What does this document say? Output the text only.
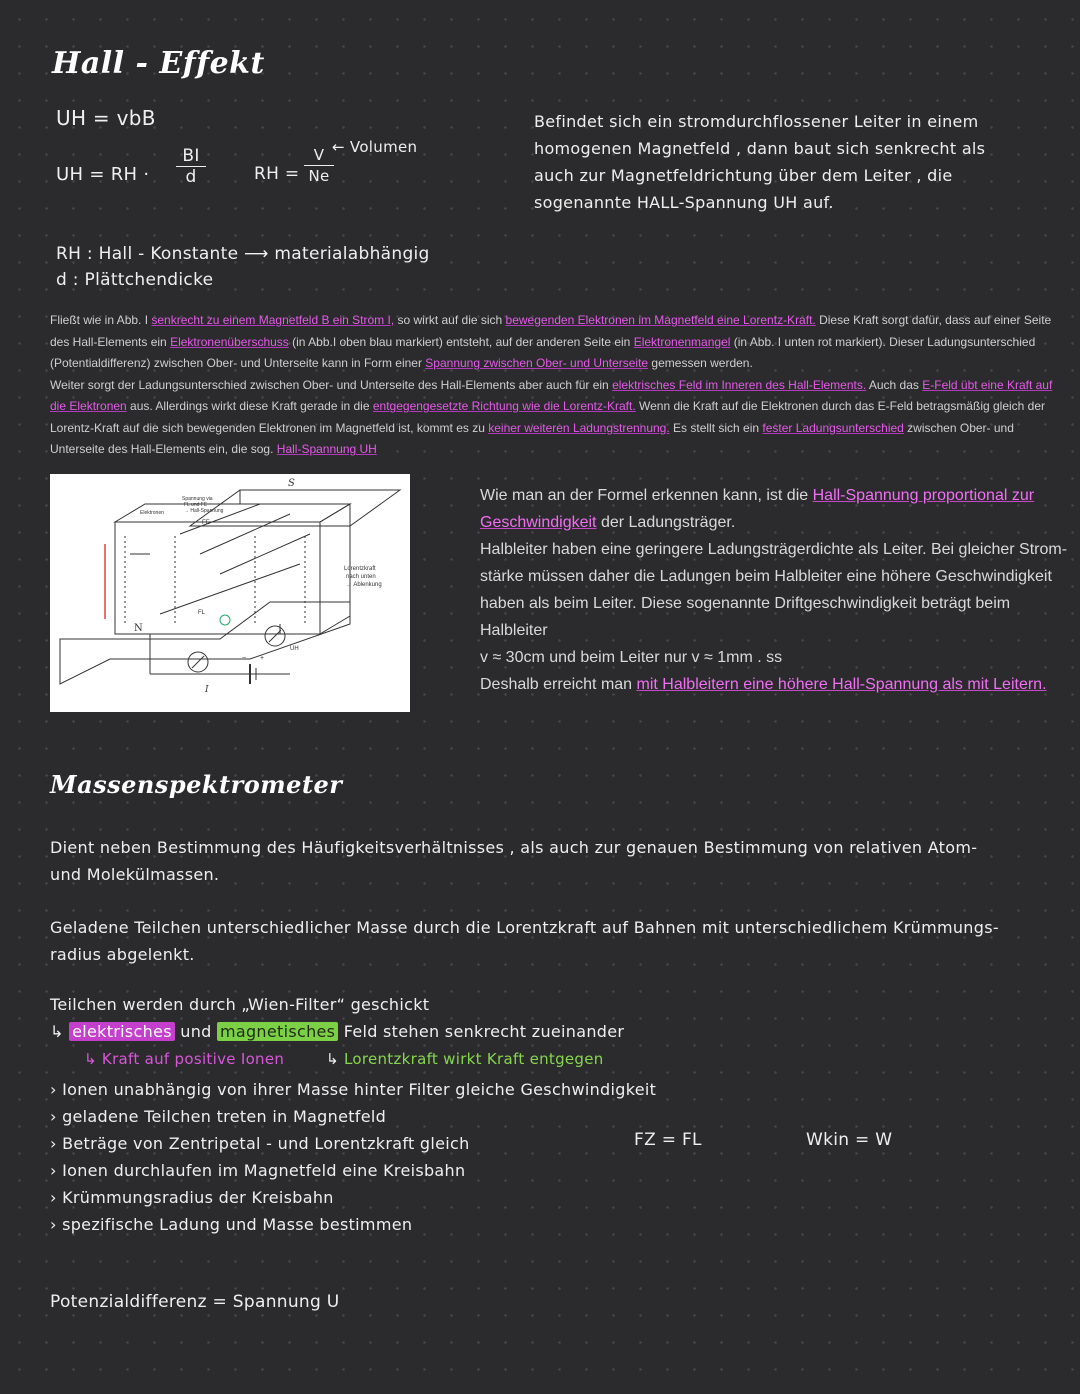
Hall - Effekt
UH = vbB
UH = RH · $\frac{BI}{d}$	RH = $\frac{V}{Ne}$
← Volumen
RH : Hall - Konstante ⟶ materialabhängig
d : Plättchendicke
Befindet sich ein stromdurchflossener Leiter in einem
homogenen Magnetfeld , dann baut sich senkrecht als
auch zur Magnetfeldrichtung über dem Leiter , die
sogenannte HALL-Spannung UH auf.
Fließt wie in Abb. I senkrecht zu einem Magnetfeld B ein Strom I, so wirkt auf die sich bewegenden Elektronen im Magnetfeld eine Lorentz-Kraft. Diese Kraft sorgt dafür, dass auf einer Seite des Hall-Elements ein Elektronenüberschuss (in Abb.I oben blau markiert) entsteht, auf der anderen Seite ein Elektronenmangel (in Abb. I unten rot markiert). Dieser Ladungsunterschied (Potentialdifferenz) zwischen Ober- und Unterseite kann in Form einer Spannung zwischen Ober- und Unterseite gemessen werden.
Weiter sorgt der Ladungsunterschied zwischen Ober- und Unterseite des Hall-Elements aber auch für ein elektrisches Feld im Inneren des Hall-Elements. Auch das E-Feld übt eine Kraft auf die Elektronen aus. Allerdings wirkt diese Kraft gerade in die entgegengesetzte Richtung wie die Lorentz-Kraft. Wenn die Kraft auf die Elektronen durch das E-Feld betragsmäßig gleich der Lorentz-Kraft auf die sich bewegenden Elektronen im Magnetfeld ist, kommt es zu keiner weiteren Ladungstrennung. Es stellt sich ein fester Ladungsunterschied zwischen Ober- und Unterseite des Hall-Elements ein, die sog. Hall-Spannung UH
Elektronen
Spannung via
FL und FE
→ Hall-Spannung
FE
S
N
Lorentzkraft
nach unten
→ Ablenkung
FL
I
UH
− +
Wie man an der Formel erkennen kann, ist die Hall-Spannung proportional zur
Geschwindigkeit der Ladungsträger.
Halbleiter haben eine geringere Ladungsträgerdichte als Leiter. Bei gleicher Strom-
stärke müssen daher die Ladungen beim Halbleiter eine höhere Geschwindigkeit
haben als beim Leiter. Diese sogenannte Driftgeschwindigkeit beträgt beim
Halbleiter
v ≈ 30cm und beim Leiter nur v ≈ 1mm . ss
Deshalb erreicht man mit Halbleitern eine höhere Hall-Spannung als mit Leitern.
Massenspektrometer
Dient neben Bestimmung des Häufigkeitsverhältnisses , als auch zur genauen Bestimmung von relativen Atom-
und Molekülmassen.
Geladene Teilchen unterschiedlicher Masse durch die Lorentzkraft auf Bahnen mit unterschiedlichem Krümmungs-
radius abgelenkt.
Teilchen werden durch „Wien-Filter“ geschickt
↳ elektrisches und magnetisches Feld stehen senkrecht zueinander
↳ Kraft auf positive Ionen	↳ Lorentzkraft wirkt Kraft entgegen
› Ionen unabhängig von ihrer Masse hinter Filter gleiche Geschwindigkeit
› geladene Teilchen treten in Magnetfeld
› Beträge von Zentripetal - und Lorentzkraft gleich
› Ionen durchlaufen im Magnetfeld eine Kreisbahn
› Krümmungsradius der Kreisbahn
› spezifische Ladung und Masse bestimmen
FZ = FL	Wkin = W
Potenzialdifferenz = Spannung U
